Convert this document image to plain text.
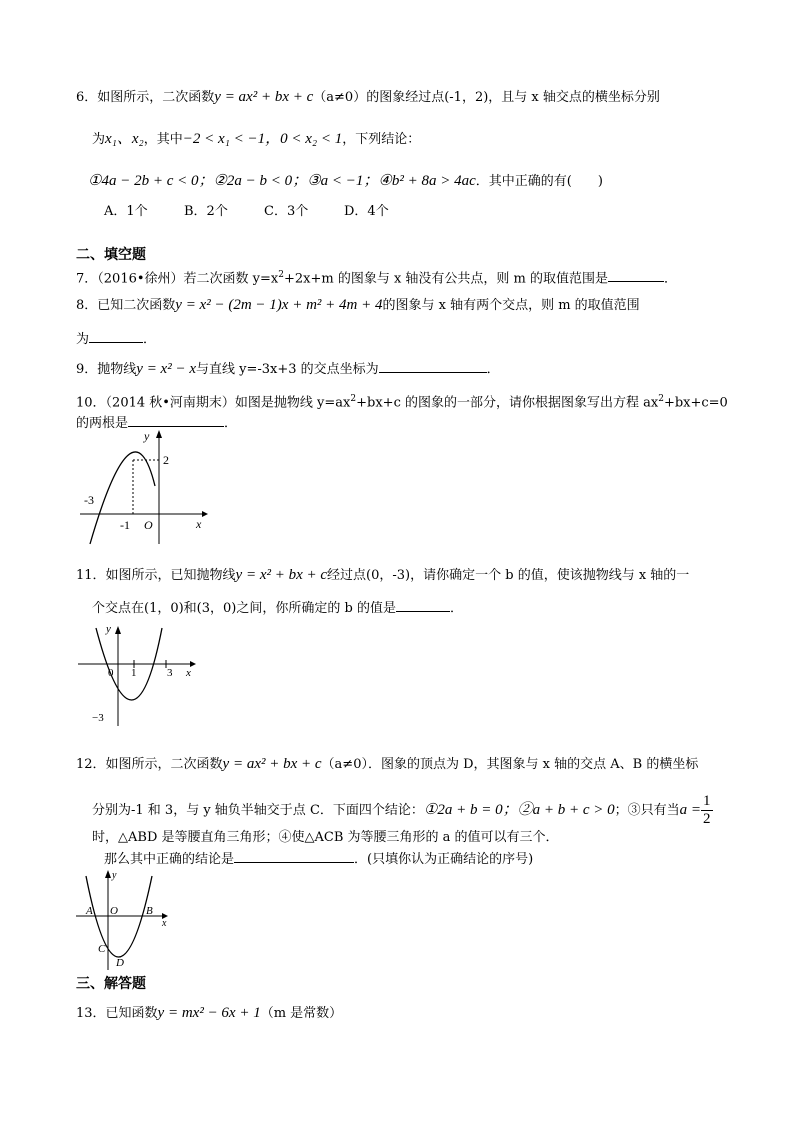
6．如图所示，二次函数y = ax² + bx + c（a≠0）的图象经过点(-1，2)，且与 x 轴交点的横坐标分别
为x₁、x₂，其中−2 < x₁ < −1，0 < x₂ < 1，下列结论：
①4a − 2b + c < 0；②2a − b < 0；③a < −1；④b² + 8a > 4ac．其中正确的有(　　)
A．1个	B．2个	C．3个	D．4个
二、填空题
7．（2016•徐州）若二次函数 $y=x^2+2x+m$ 的图象与 x 轴没有公共点，则 m 的取值范围是	．
8．已知二次函数y = x² − (2m − 1)x + m² + 4m + 4的图象与 x 轴有两个交点，则 m 的取值范围
为	．
9．抛物线y = x² − x与直线 y=-3x+3 的交点坐标为	．
10．（2014 秋•河南期末）如图是抛物线 $y=ax^2+bx+c$ 的图象的一部分，请你根据图象写出方程 $ax^2+bx+c=0$
的两根是	．
2
-3
-1 O
y
x
11．如图所示，已知抛物线y = x² + bx + c经过点(0，-3)，请你确定一个 b 的值，使该抛物线与 x 轴的一
个交点在(1，0)和(3，0)之间，你所确定的 b 的值是	．
y
0 1	3 x
−3
12．如图所示，二次函数y = ax² + bx + c（a≠0）．图象的顶点为 D，其图象与 x 轴的交点 A、B 的横坐标
分别为-1 和 3，与 y 轴负半轴交于点 C．下面四个结论：①2a + b = 0；②a + b + c > 0；③只有当$a = \frac{1}{2}$
时，△ABD 是等腰直角三角形；④使△ACB 为等腰三角形的 a 的值可以有三个．
那么其中正确的结论是	．(只填你认为正确结论的序号)
y
A O	B
x
C
D
三、解答题
13．已知函数y = mx² − 6x + 1（m 是常数）
